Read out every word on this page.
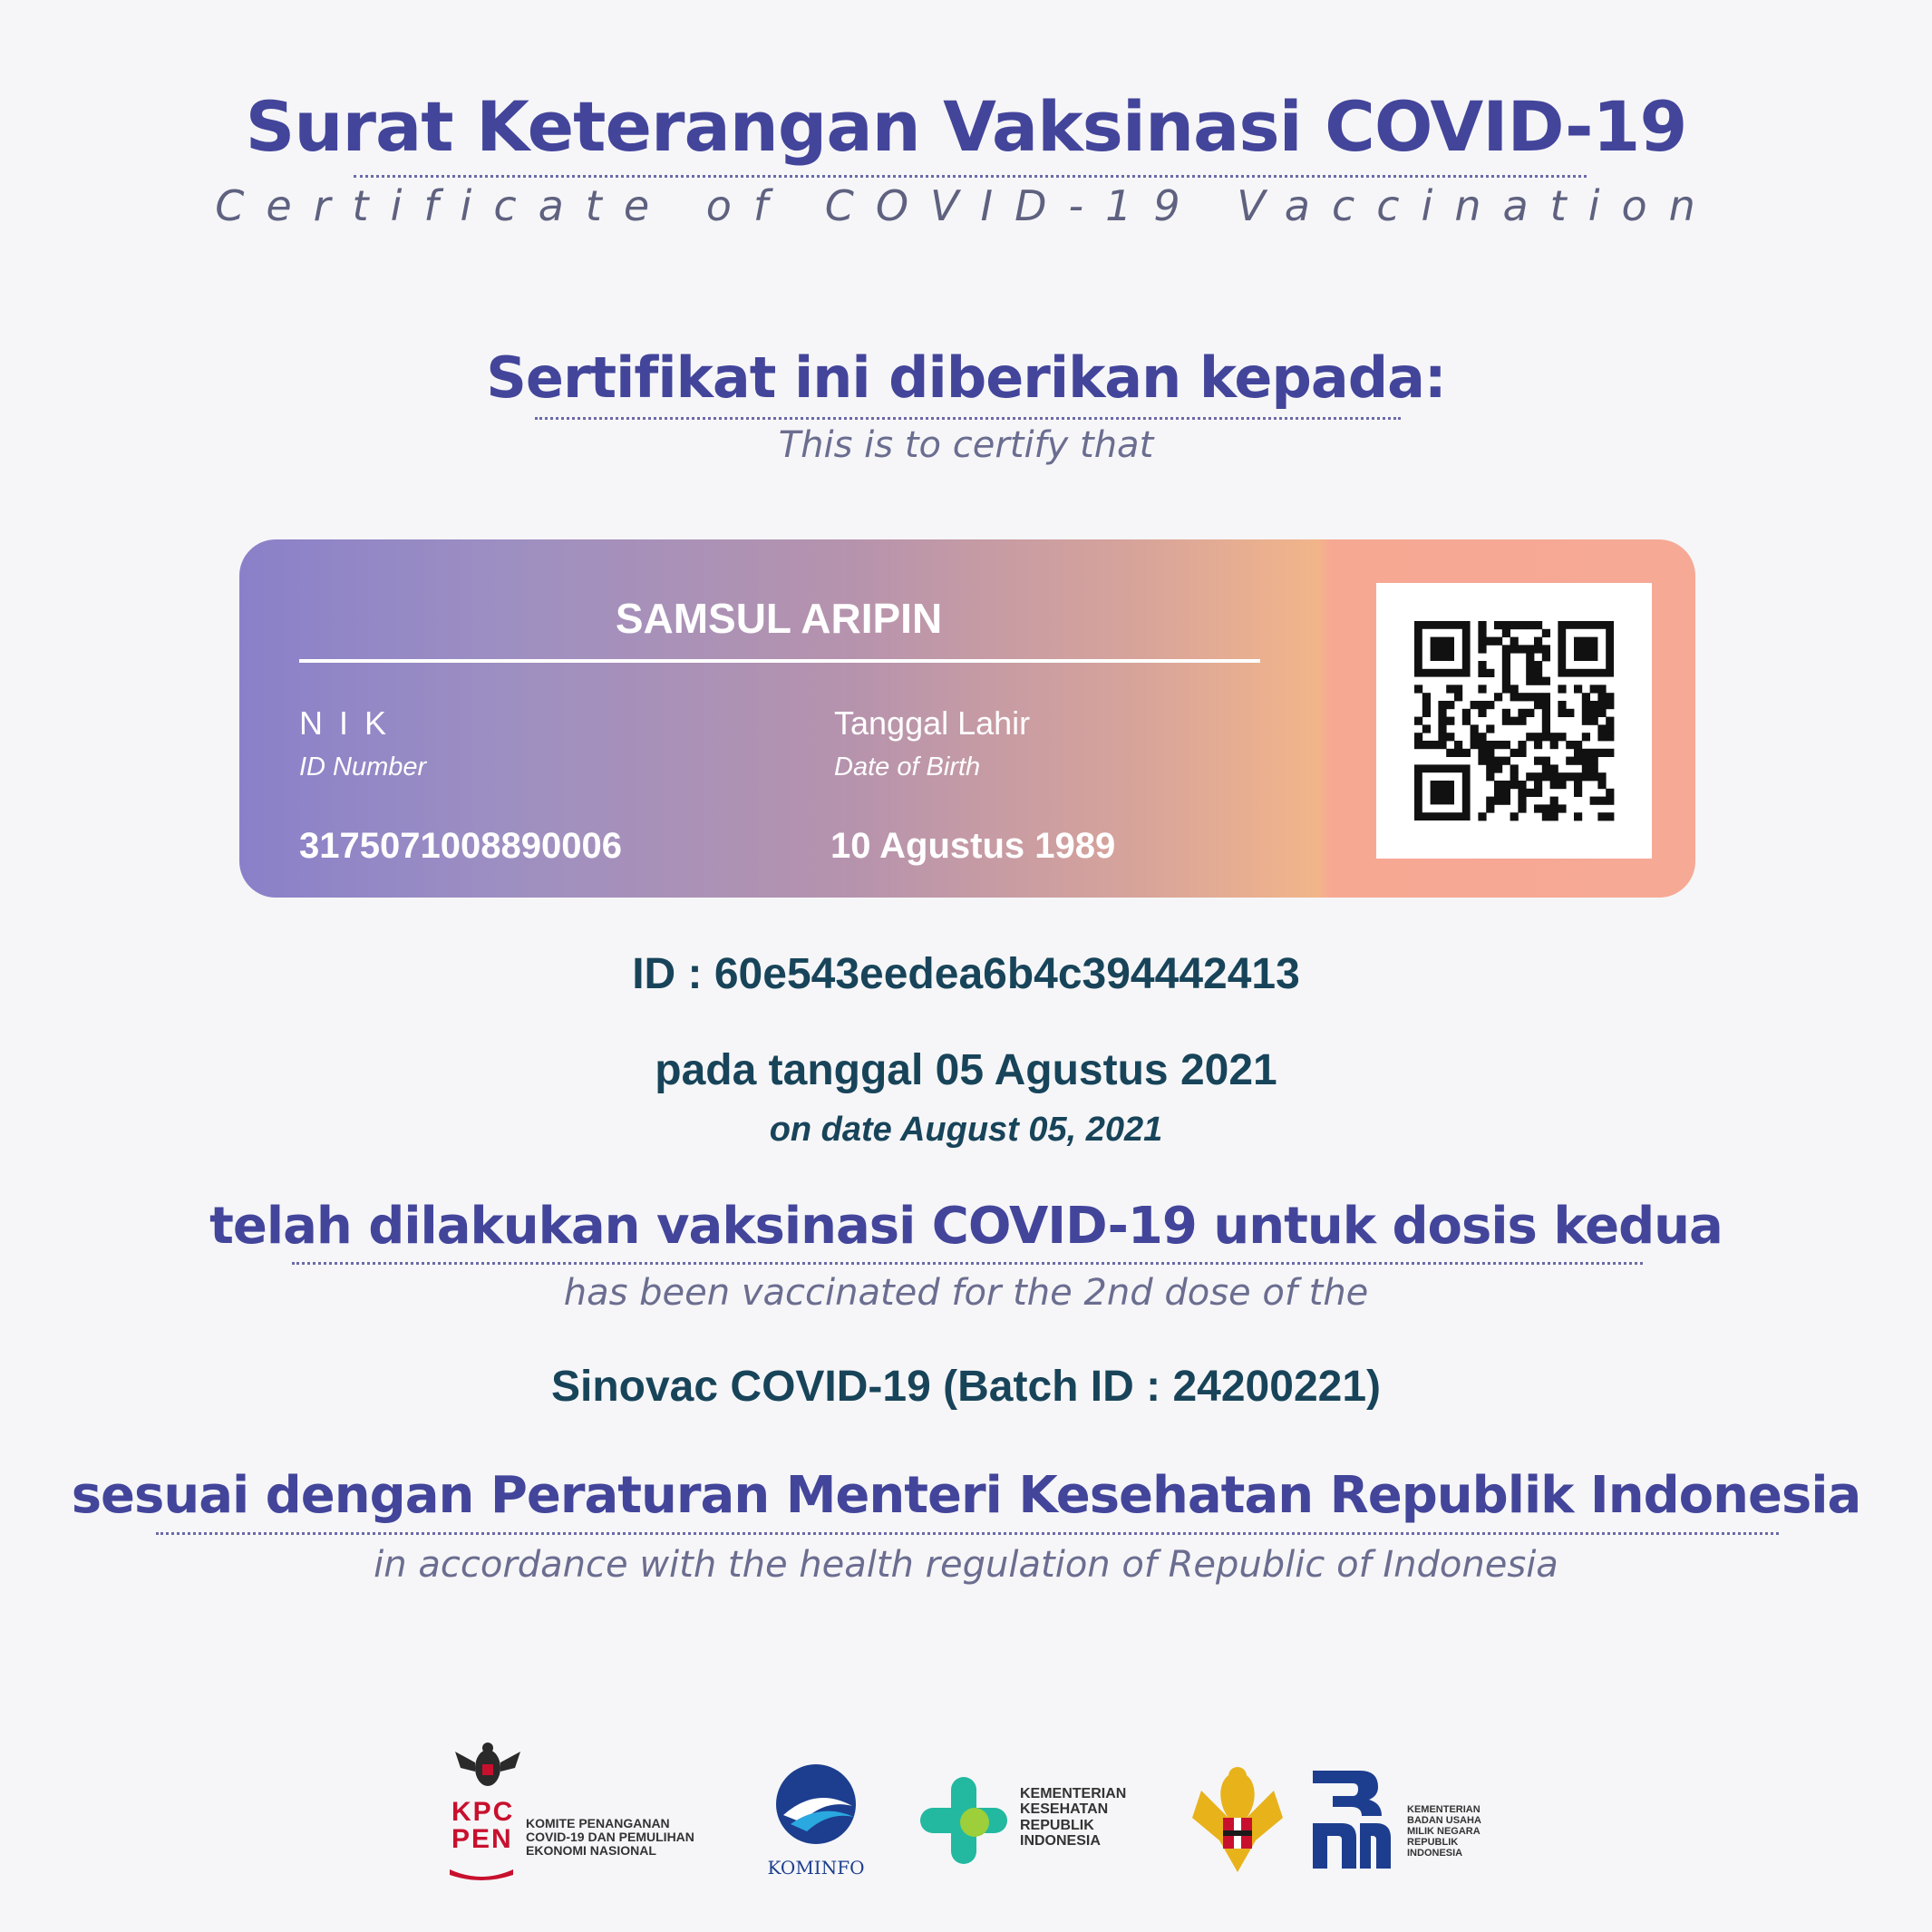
Surat Keterangan Vaksinasi COVID-19
Certificate of COVID-19 Vaccination
Sertifikat ini diberikan kepada:
This is to certify that
SAMSUL ARIPIN
N I K
ID Number
3175071008890006
Tanggal Lahir
Date of Birth
10 Agustus 1989
ID : 60e543eedea6b4c394442413
pada tanggal 05 Agustus 2021
on date August 05, 2021
telah dilakukan vaksinasi COVID-19 untuk dosis kedua
has been vaccinated for the 2nd dose of the
Sinovac COVID-19 (Batch ID : 24200221)
sesuai dengan Peraturan Menteri Kesehatan Republik Indonesia
in accordance with the health regulation of Republic of Indonesia
KPC PEN
KOMITE PENANGANAN
COVID-19 DAN PEMULIHAN
EKONOMI NASIONAL
KOMINFO
KEMENTERIAN
KESEHATAN
REPUBLIK
INDONESIA
KEMENTERIAN
BADAN USAHA
MILIK NEGARA
REPUBLIK
INDONESIA
